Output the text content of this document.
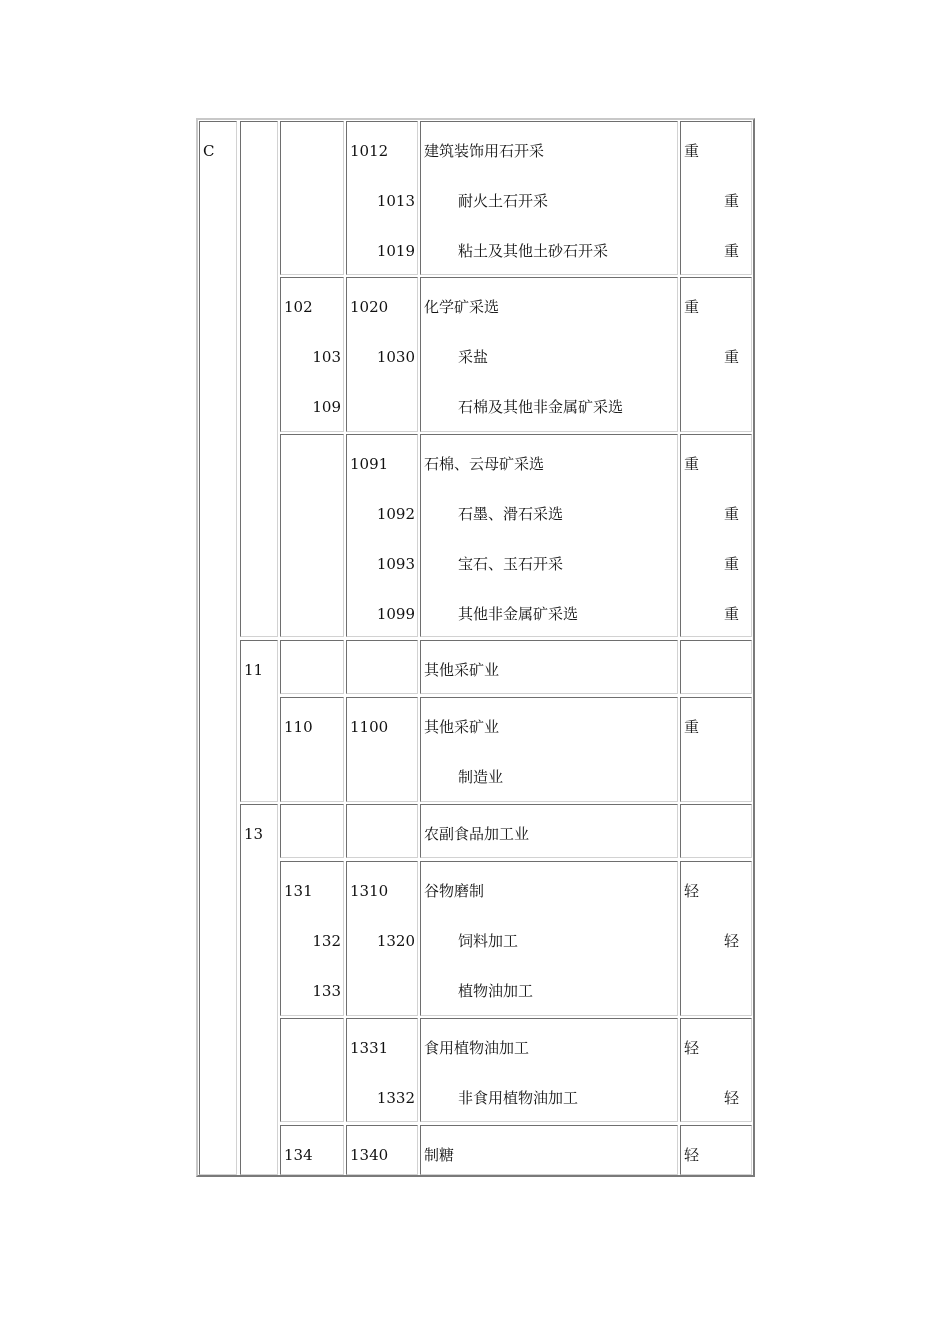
C
11
13
1012
1013
1019
建筑装饰用石开采
耐火土石开采
粘土及其他土砂石开采
重
重
重
102
103
109
1020
1030
化学矿采选
采盐
石棉及其他非金属矿采选
重
重
1091
1092
1093
1099
石棉、云母矿采选
石墨、滑石采选
宝石、玉石开采
其他非金属矿采选
重
重
重
重
其他采矿业
110 1100 其他采矿业
制造业
重
农副食品加工业
131
132
133
1310
1320
谷物磨制
饲料加工
植物油加工
轻
轻
1331
1332
食用植物油加工
非食用植物油加工
轻
轻
134 1340 制糖	轻
